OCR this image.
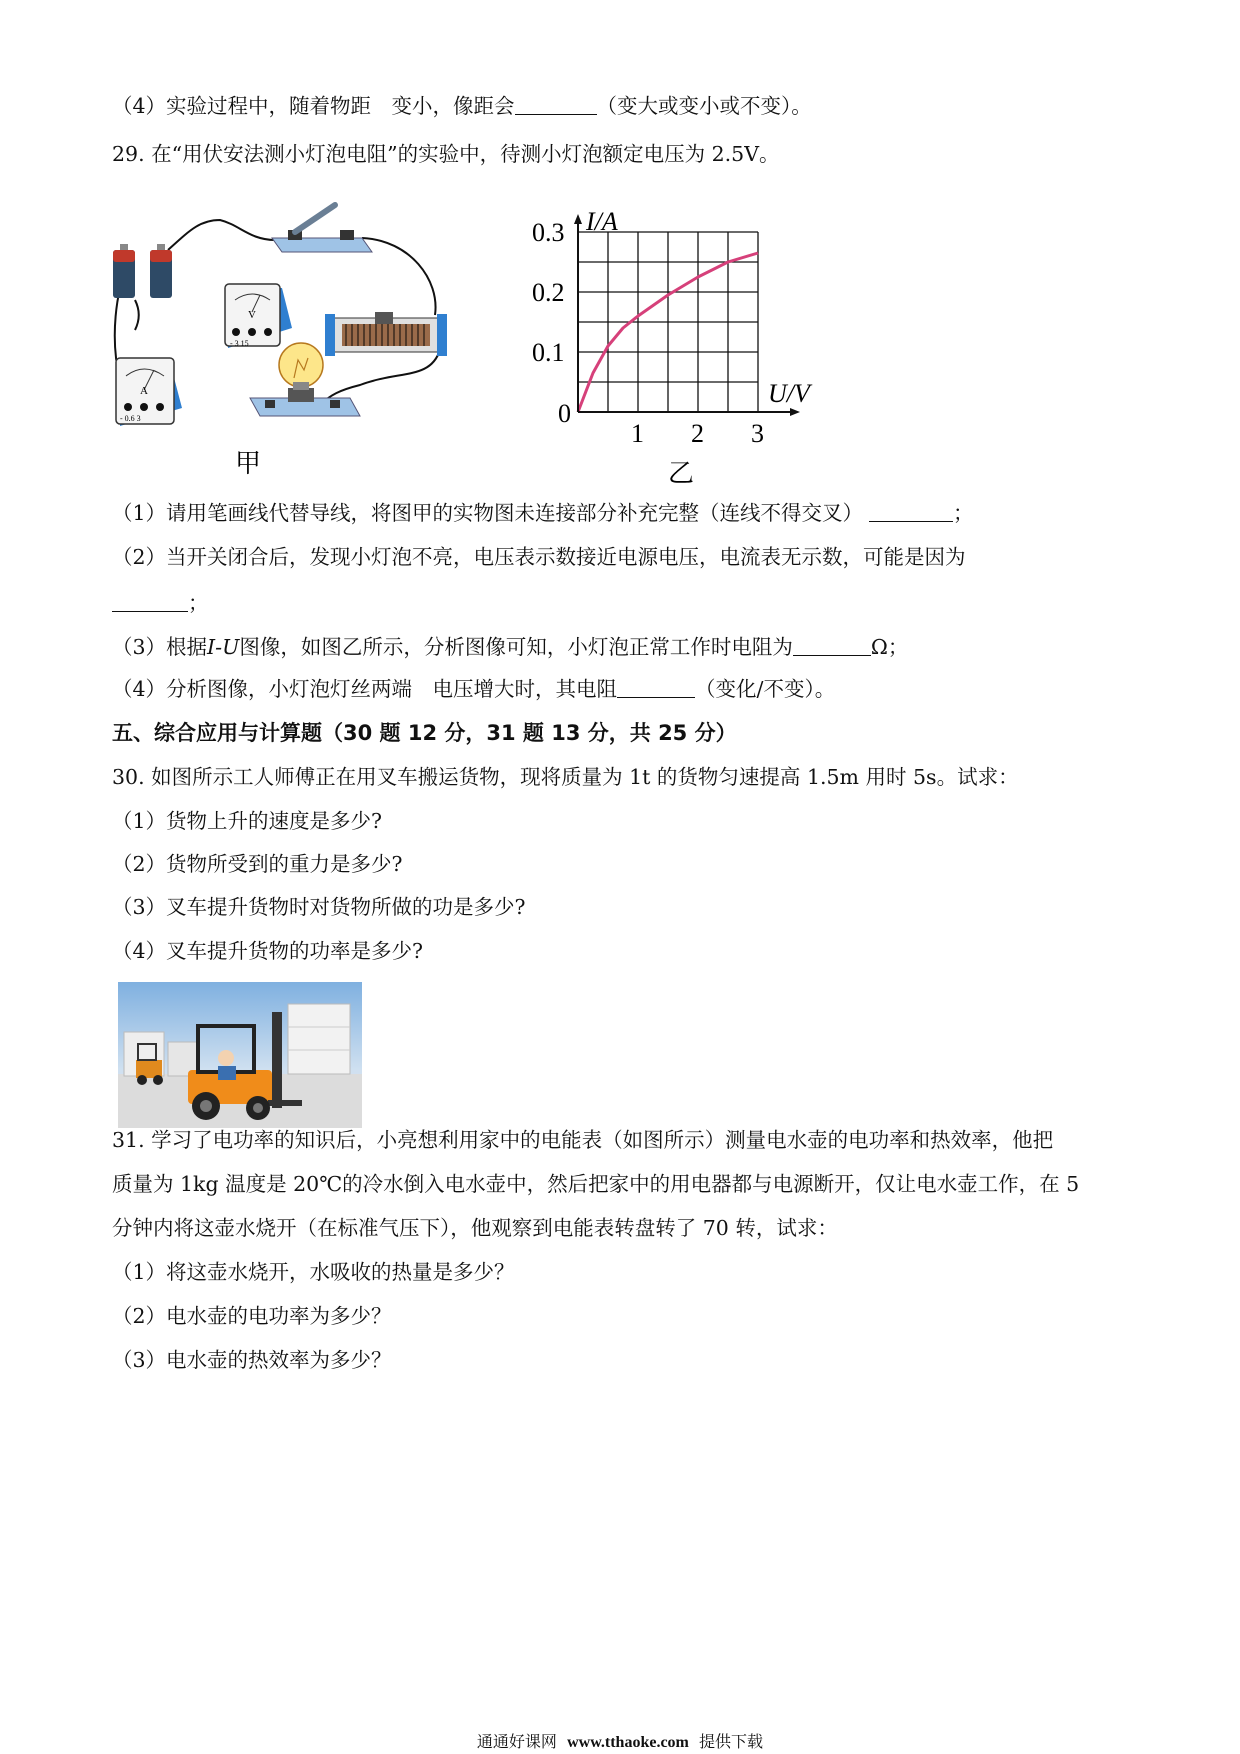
（4）实验过程中，随着物距　变小，像距会	（变大或变小或不变）。
29. 在“用伏安法测小灯泡电阻”的实验中，待测小灯泡额定电压为 2.5V。
V
- 3 15
A
- 0.6 3
甲
1 2 3
0.1
0.2
0.3
0
I/A
U/V
乙
（1）请用笔画线代替导线，将图甲的实物图未连接部分补充完整（连线不得交叉）	；
（2）当开关闭合后，发现小灯泡不亮，电压表示数接近电源电压，电流表无示数，可能是因为
；
（3）根据I-U图像，如图乙所示，分析图像可知，小灯泡正常工作时电阻为	Ω；
（4）分析图像，小灯泡灯丝两端　电压增大时，其电阻	（变化/不变）。
五、综合应用与计算题（30 题 12 分，31 题 13 分，共 25 分）
30. 如图所示工人师傅正在用叉车搬运货物，现将质量为 1t 的货物匀速提高 1.5m 用时 5s。试求：
（1）货物上升的速度是多少?
（2）货物所受到的重力是多少?
（3）叉车提升货物时对货物所做的功是多少?
（4）叉车提升货物的功率是多少?
31. 学习了电功率的知识后，小亮想利用家中的电能表（如图所示）测量电水壶的电功率和热效率，他把
质量为 1kg 温度是 20℃的冷水倒入电水壶中，然后把家中的用电器都与电源断开，仅让电水壶工作，在 5
分钟内将这壶水烧开（在标准气压下），他观察到电能表转盘转了 70 转，试求：
（1）将这壶水烧开，水吸收的热量是多少？
（2）电水壶的电功率为多少？
（3）电水壶的热效率为多少？
通通好课网 www.tthaoke.com 提供下载
